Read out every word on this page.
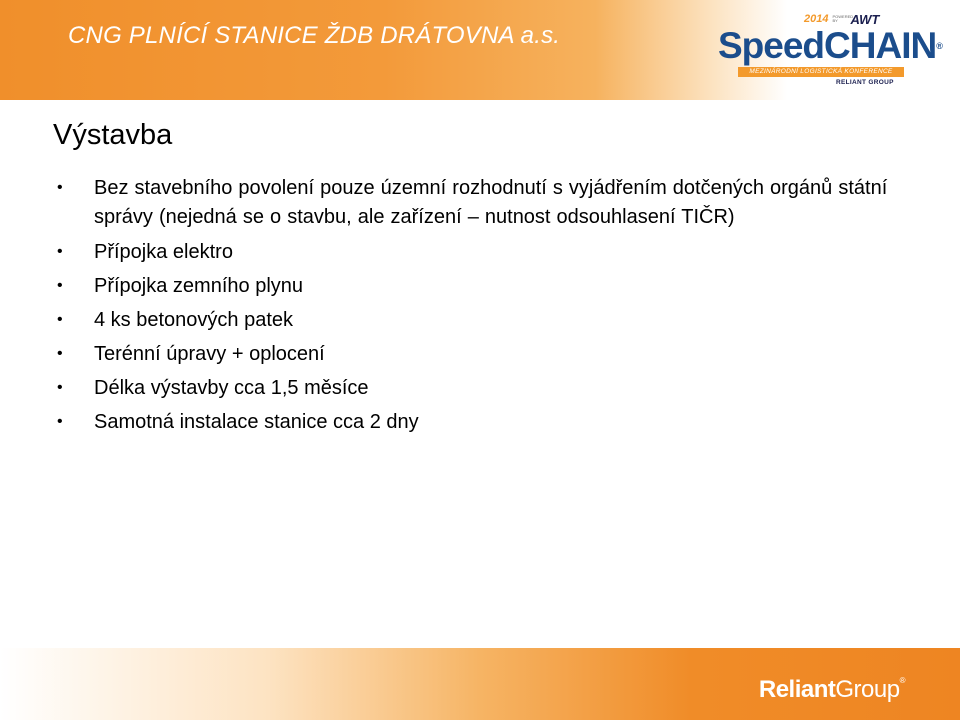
CNG PLNÍCÍ STANICE ŽDB DRÁTOVNA a.s.
2014 POWERED BY AWT
SpeedCHAIN®
MEZINÁRODNÍ LOGISTICKÁ KONFERENCE
RELIANT GROUP
Výstavba
• Bez stavebního povolení pouze územní rozhodnutí s vyjádřením dotčených orgánů státní správy (nejedná se o stavbu, ale zařízení – nutnost odsouhlasení TIČR)
• Přípojka elektro
• Přípojka zemního plynu
• 4 ks betonových patek
• Terénní úpravy + oplocení
• Délka výstavby cca 1,5 měsíce
• Samotná instalace stanice cca 2 dny
ReliantGroup®
